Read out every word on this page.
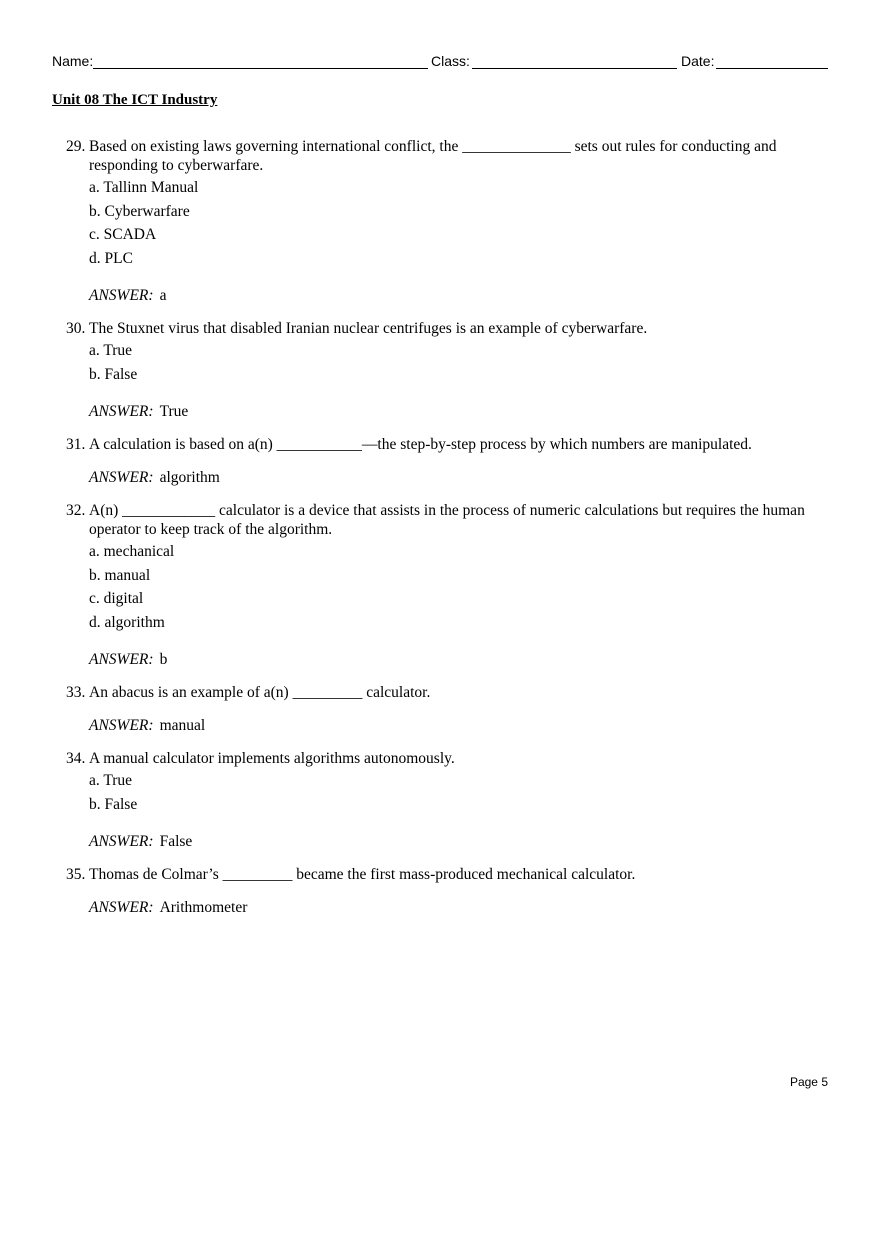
Name:	Class:	Date:
Unit 08 The ICT Industry
29. Based on existing laws governing international conflict, the ______________ sets out rules for conducting and responding to cyberwarfare.
a. Tallinn Manual
b. Cyberwarfare
c. SCADA
d. PLC
ANSWER: a
30. The Stuxnet virus that disabled Iranian nuclear centrifuges is an example of cyberwarfare.
a. True
b. False
ANSWER: True
31. A calculation is based on a(n) ___________—the step-by-step process by which numbers are manipulated.
ANSWER: algorithm
32. A(n) ____________ calculator is a device that assists in the process of numeric calculations but requires the human operator to keep track of the algorithm.
a. mechanical
b. manual
c. digital
d. algorithm
ANSWER: b
33. An abacus is an example of a(n) _________ calculator.
ANSWER: manual
34. A manual calculator implements algorithms autonomously.
a. True
b. False
ANSWER: False
35. Thomas de Colmar’s _________ became the first mass-produced mechanical calculator.
ANSWER: Arithmometer
Page 5
